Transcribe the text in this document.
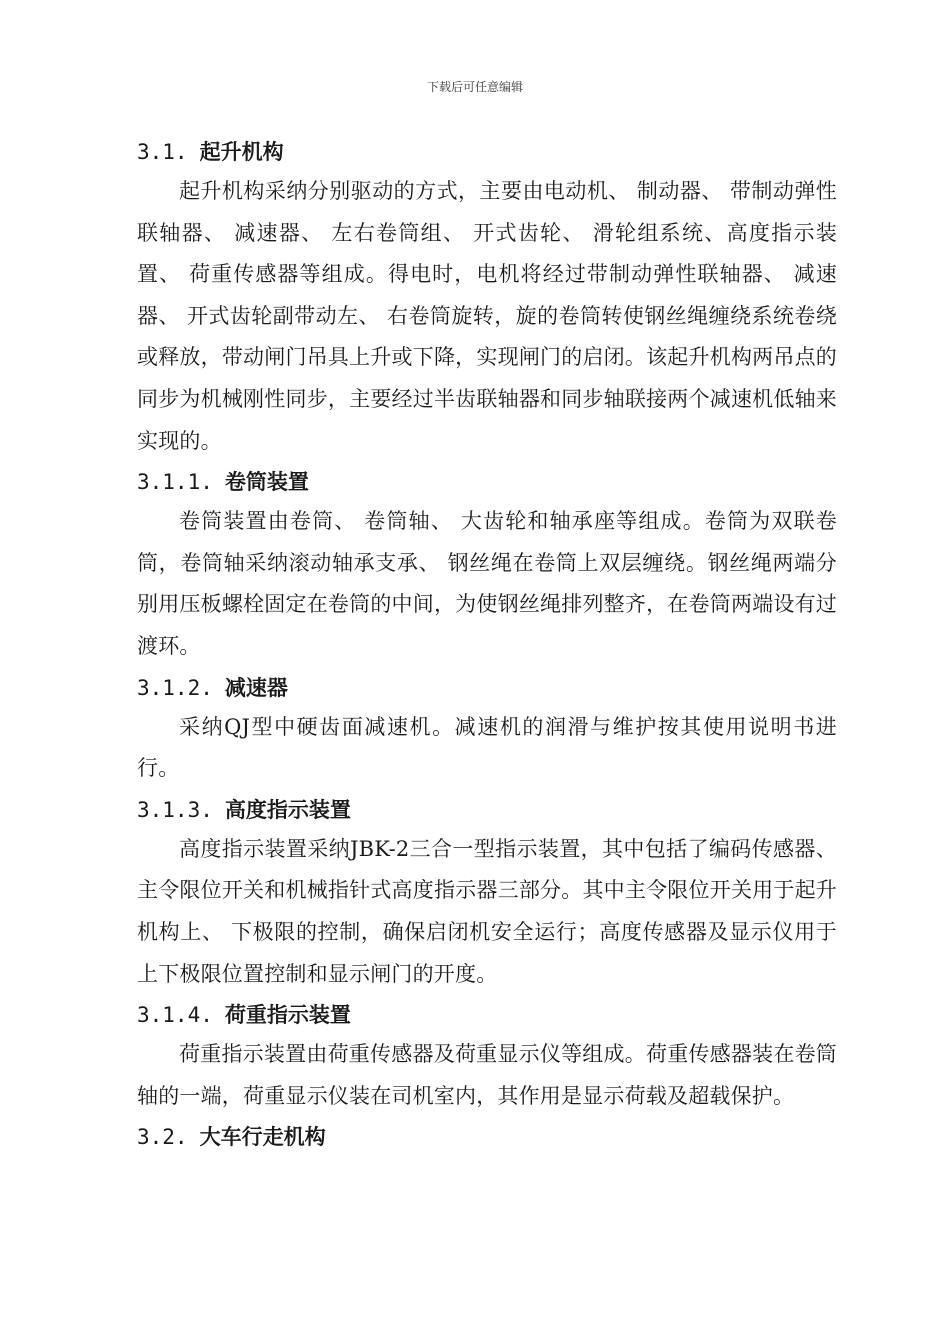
下载后可任意编辑
3.1. 起升机构

起升机构采纳分别驱动的方式，主要由电动机、 制动器、 带制动弹性联轴器、 减速器、 左右卷筒组、 开式齿轮、 滑轮组系统、高度指示装置、 荷重传感器等组成。得电时，电机将经过带制动弹性联轴器、 减速器、 开式齿轮副带动左、 右卷筒旋转，旋的卷筒转使钢丝绳缠绕系统卷绕或释放，带动闸门吊具上升或下降，实现闸门的启闭。该起升机构两吊点的同步为机械刚性同步，主要经过半齿联轴器和同步轴联接两个减速机低轴来实现的。

3.1.1. 卷筒装置

卷筒装置由卷筒、 卷筒轴、 大齿轮和轴承座等组成。卷筒为双联卷筒，卷筒轴采纳滚动轴承支承、 钢丝绳在卷筒上双层缠绕。钢丝绳两端分别用压板螺栓固定在卷筒的中间，为使钢丝绳排列整齐，在卷筒两端设有过渡环。

3.1.2. 减速器

采纳QJ型中硬齿面减速机。减速机的润滑与维护按其使用说明书进行。

3.1.3. 高度指示装置

高度指示装置采纳JBK-2三合一型指示装置，其中包括了编码传感器、 主令限位开关和机械指针式高度指示器三部分。其中主令限位开关用于起升机构上、 下极限的控制，确保启闭机安全运行；高度传感器及显示仪用于上下极限位置控制和显示闸门的开度。

3.1.4. 荷重指示装置

荷重指示装置由荷重传感器及荷重显示仪等组成。荷重传感器装在卷筒轴的一端，荷重显示仪装在司机室内，其作用是显示荷载及超载保护。

3.2. 大车行走机构
